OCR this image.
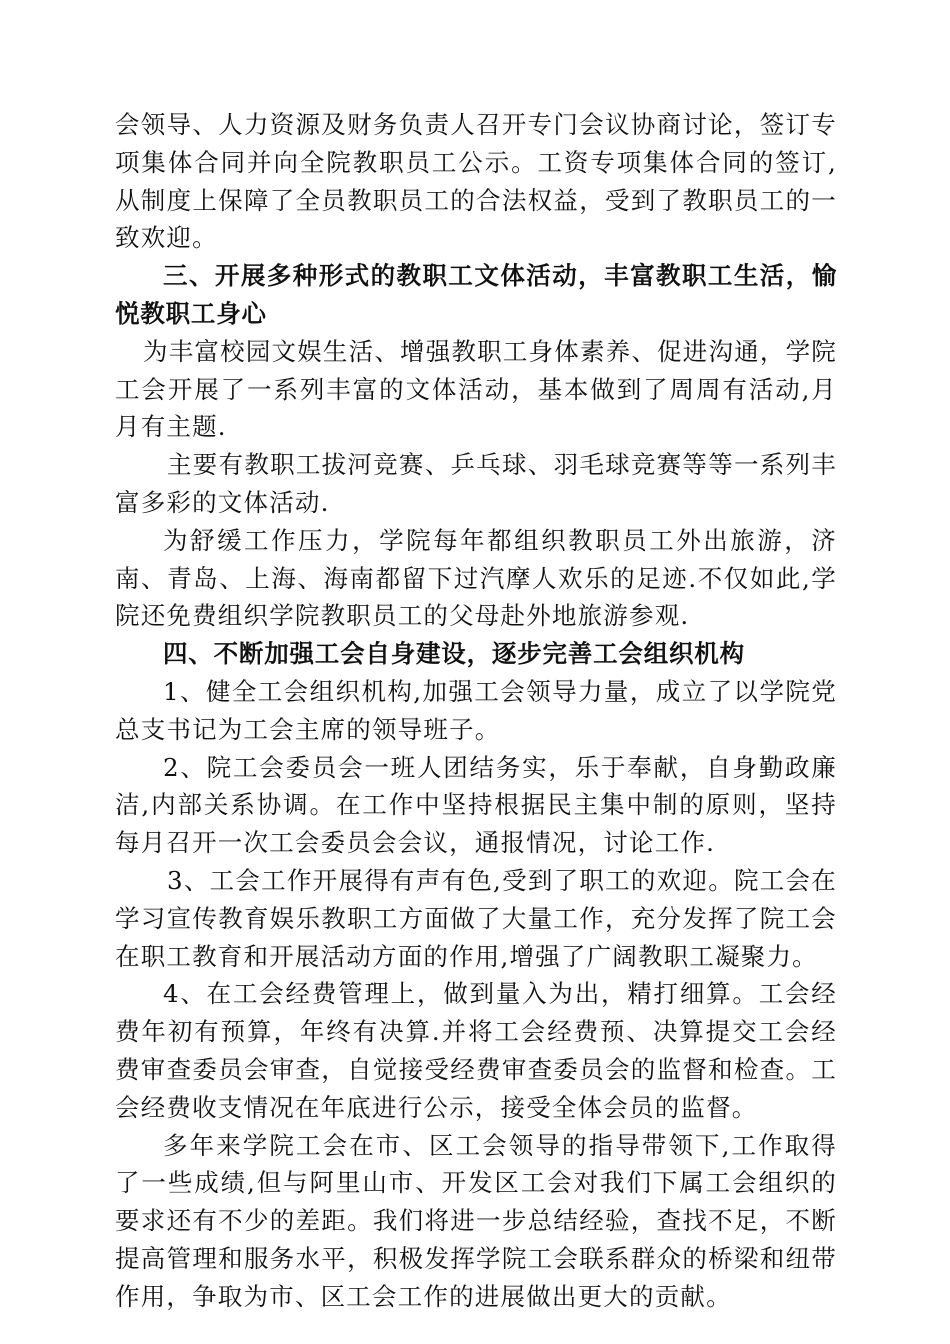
会领导、人力资源及财务负责人召开专门会议协商讨论，签订专项集体合同并向全院教职员工公示。工资专项集体合同的签订,从制度上保障了全员教职员工的合法权益，受到了教职员工的一致欢迎。

三、开展多种形式的教职工文体活动，丰富教职工生活，愉悦教职工身心

为丰富校园文娱生活、增强教职工身体素养、促进沟通，学院工会开展了一系列丰富的文体活动，基本做到了周周有活动,月月有主题.

主要有教职工拔河竞赛、乒乓球、羽毛球竞赛等等一系列丰富多彩的文体活动.

为舒缓工作压力，学院每年都组织教职员工外出旅游，济南、青岛、上海、海南都留下过汽摩人欢乐的足迹.不仅如此,学院还免费组织学院教职员工的父母赴外地旅游参观.

四、不断加强工会自身建设，逐步完善工会组织机构

1、健全工会组织机构,加强工会领导力量，成立了以学院党总支书记为工会主席的领导班子。

2、院工会委员会一班人团结务实，乐于奉献，自身勤政廉洁,内部关系协调。在工作中坚持根据民主集中制的原则，坚持每月召开一次工会委员会会议，通报情况，讨论工作.

3、工会工作开展得有声有色,受到了职工的欢迎。院工会在学习宣传教育娱乐教职工方面做了大量工作，充分发挥了院工会在职工教育和开展活动方面的作用,增强了广阔教职工凝聚力。

4、在工会经费管理上，做到量入为出，精打细算。工会经费年初有预算，年终有决算.并将工会经费预、决算提交工会经费审查委员会审查，自觉接受经费审查委员会的监督和检查。工会经费收支情况在年底进行公示，接受全体会员的监督。

多年来学院工会在市、区工会领导的指导带领下,工作取得了一些成绩,但与阿里山市、开发区工会对我们下属工会组织的要求还有不少的差距。我们将进一步总结经验，查找不足，不断提高管理和服务水平，积极发挥学院工会联系群众的桥梁和纽带作用，争取为市、区工会工作的进展做出更大的贡献。
